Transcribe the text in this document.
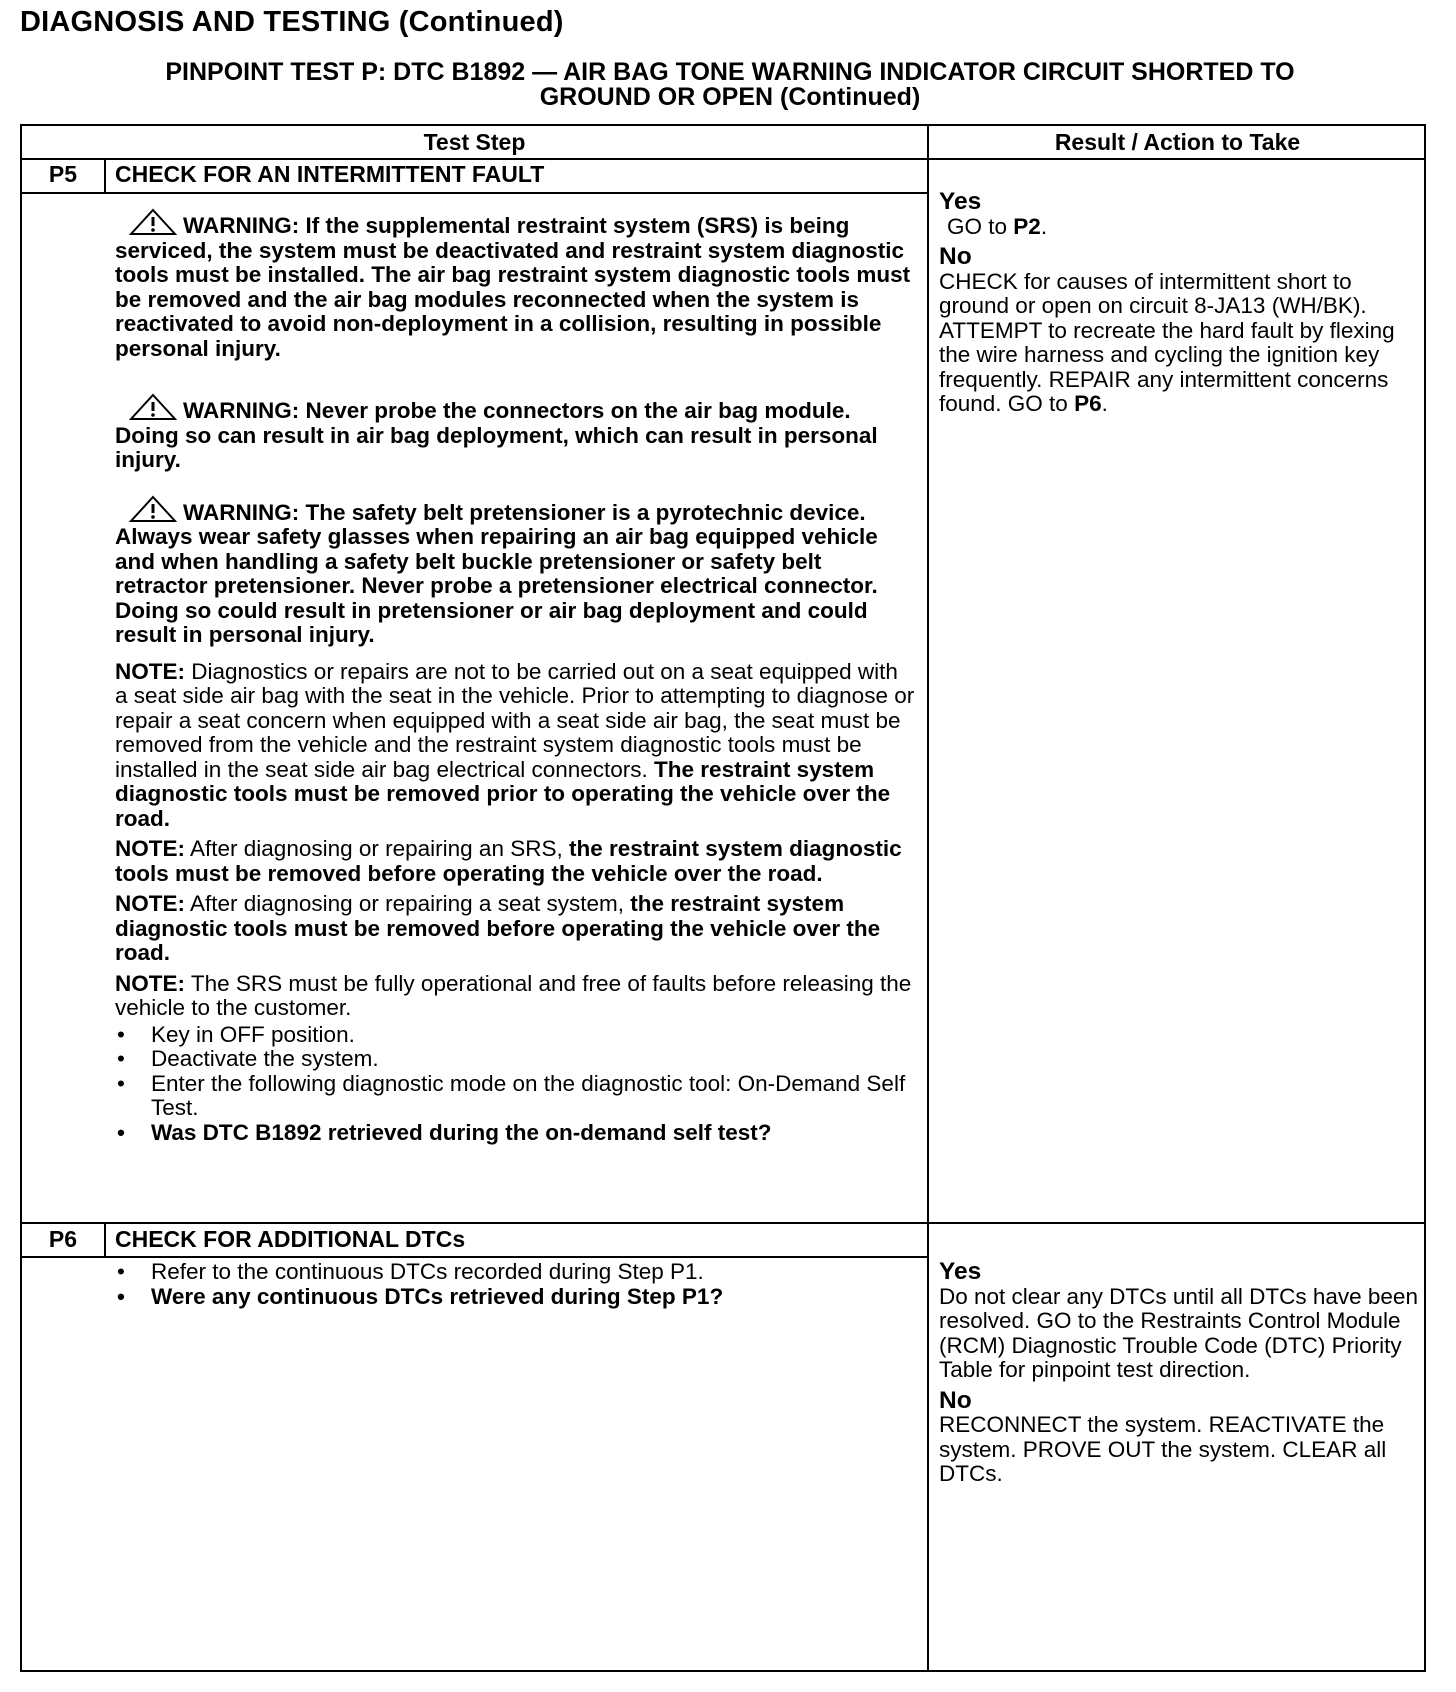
DIAGNOSIS AND TESTING (Continued)
PINPOINT TEST P: DTC B1892 — AIR BAG TONE WARNING INDICATOR CIRCUIT SHORTED TO
GROUND OR OPEN (Continued)
Test Step	Result / Action to Take
P5	CHECK FOR AN INTERMITTENT FAULT

WARNING: If the supplemental restraint system (SRS) is being serviced, the system must be deactivated and restraint system diagnostic tools must be installed. The air bag restraint system diagnostic tools must be removed and the air bag modules reconnected when the system is reactivated to avoid non-deployment in a collision, resulting in possible personal injury.

WARNING: Never probe the connectors on the air bag module. Doing so can result in air bag deployment, which can result in personal injury.

WARNING: The safety belt pretensioner is a pyrotechnic device. Always wear safety glasses when repairing an air bag equipped vehicle and when handling a safety belt buckle pretensioner or safety belt retractor pretensioner. Never probe a pretensioner electrical connector. Doing so could result in pretensioner or air bag deployment and could result in personal injury.

NOTE: Diagnostics or repairs are not to be carried out on a seat equipped with a seat side air bag with the seat in the vehicle. Prior to attempting to diagnose or repair a seat concern when equipped with a seat side air bag, the seat must be removed from the vehicle and the restraint system diagnostic tools must be installed in the seat side air bag electrical connectors. The restraint system diagnostic tools must be removed prior to operating the vehicle over the road.

NOTE: After diagnosing or repairing an SRS, the restraint system diagnostic tools must be removed before operating the vehicle over the road.

NOTE: After diagnosing or repairing a seat system, the restraint system diagnostic tools must be removed before operating the vehicle over the road.

NOTE: The SRS must be fully operational and free of faults before releasing the vehicle to the customer.

• Key in OFF position.
• Deactivate the system.
• Enter the following diagnostic mode on the diagnostic tool: On-Demand Self Test.
• Was DTC B1892 retrieved during the on-demand self test?
Yes
GO to P2.
No
CHECK for causes of intermittent short to ground or open on circuit 8-JA13 (WH/BK). ATTEMPT to recreate the hard fault by flexing the wire harness and cycling the ignition key frequently. REPAIR any intermittent concerns found. GO to P6.
P6	CHECK FOR ADDITIONAL DTCs
• Refer to the continuous DTCs recorded during Step P1.
• Were any continuous DTCs retrieved during Step P1?
Yes
Do not clear any DTCs until all DTCs have been resolved. GO to the Restraints Control Module (RCM) Diagnostic Trouble Code (DTC) Priority Table for pinpoint test direction.
No
RECONNECT the system. REACTIVATE the system. PROVE OUT the system. CLEAR all DTCs.
